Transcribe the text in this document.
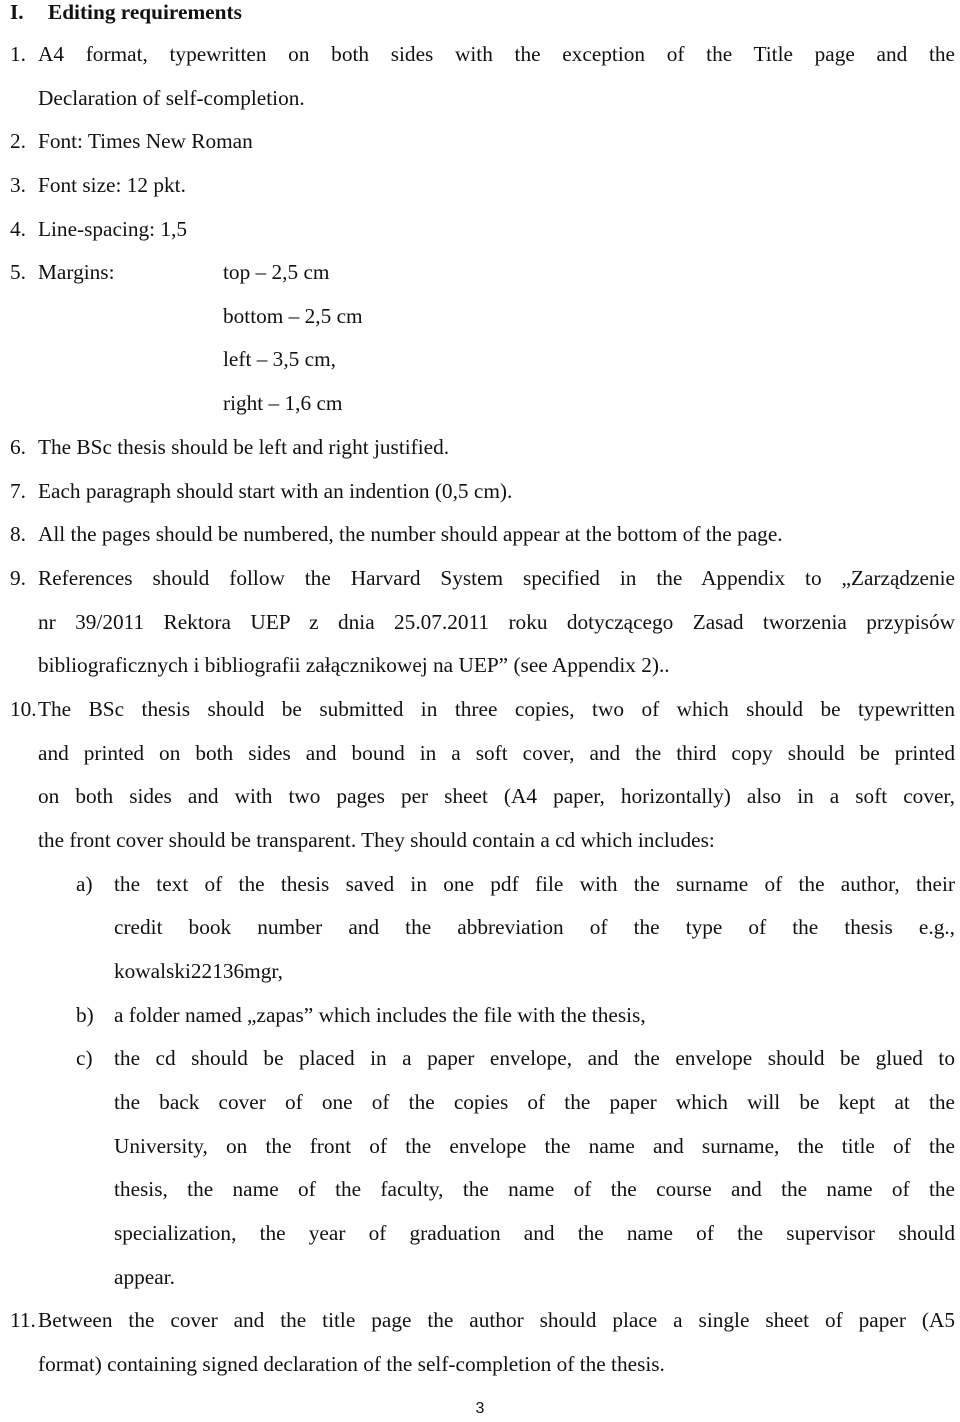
I. Editing requirements
1. A4 format, typewritten on both sides with the exception of the Title page and the
Declaration of self-completion.
2. Font: Times New Roman
3. Font size: 12 pkt.
4. Line-spacing: 1,5
5. Margins:	top – 2,5 cm
bottom – 2,5 cm
left – 3,5 cm,
right – 1,6 cm
6. The BSc thesis should be left and right justified.
7. Each paragraph should start with an indention (0,5 cm).
8. All the pages should be numbered, the number should appear at the bottom of the page.
9. References should follow the Harvard System specified in the Appendix to „Zarządzenie
nr 39/2011 Rektora UEP z dnia 25.07.2011 roku dotyczącego Zasad tworzenia przypisów
bibliograficznych i bibliografii załącznikowej na UEP” (see Appendix 2)..
10. The BSc thesis should be submitted in three copies, two of which should be typewritten
and printed on both sides and bound in a soft cover, and the third copy should be printed
on both sides and with two pages per sheet (A4 paper, horizontally) also in a soft cover,
the front cover should be transparent. They should contain a cd which includes:
a) the text of the thesis saved in one pdf file with the surname of the author, their
credit book number and the abbreviation of the type of the thesis e.g.,
kowalski22136mgr,
b) a folder named „zapas” which includes the file with the thesis,
c) the cd should be placed in a paper envelope, and the envelope should be glued to
the back cover of one of the copies of the paper which will be kept at the
University, on the front of the envelope the name and surname, the title of the
thesis, the name of the faculty, the name of the course and the name of the
specialization, the year of graduation and the name of the supervisor should
appear.
11. Between the cover and the title page the author should place a single sheet of paper (A5
format) containing signed declaration of the self-completion of the thesis.
3
